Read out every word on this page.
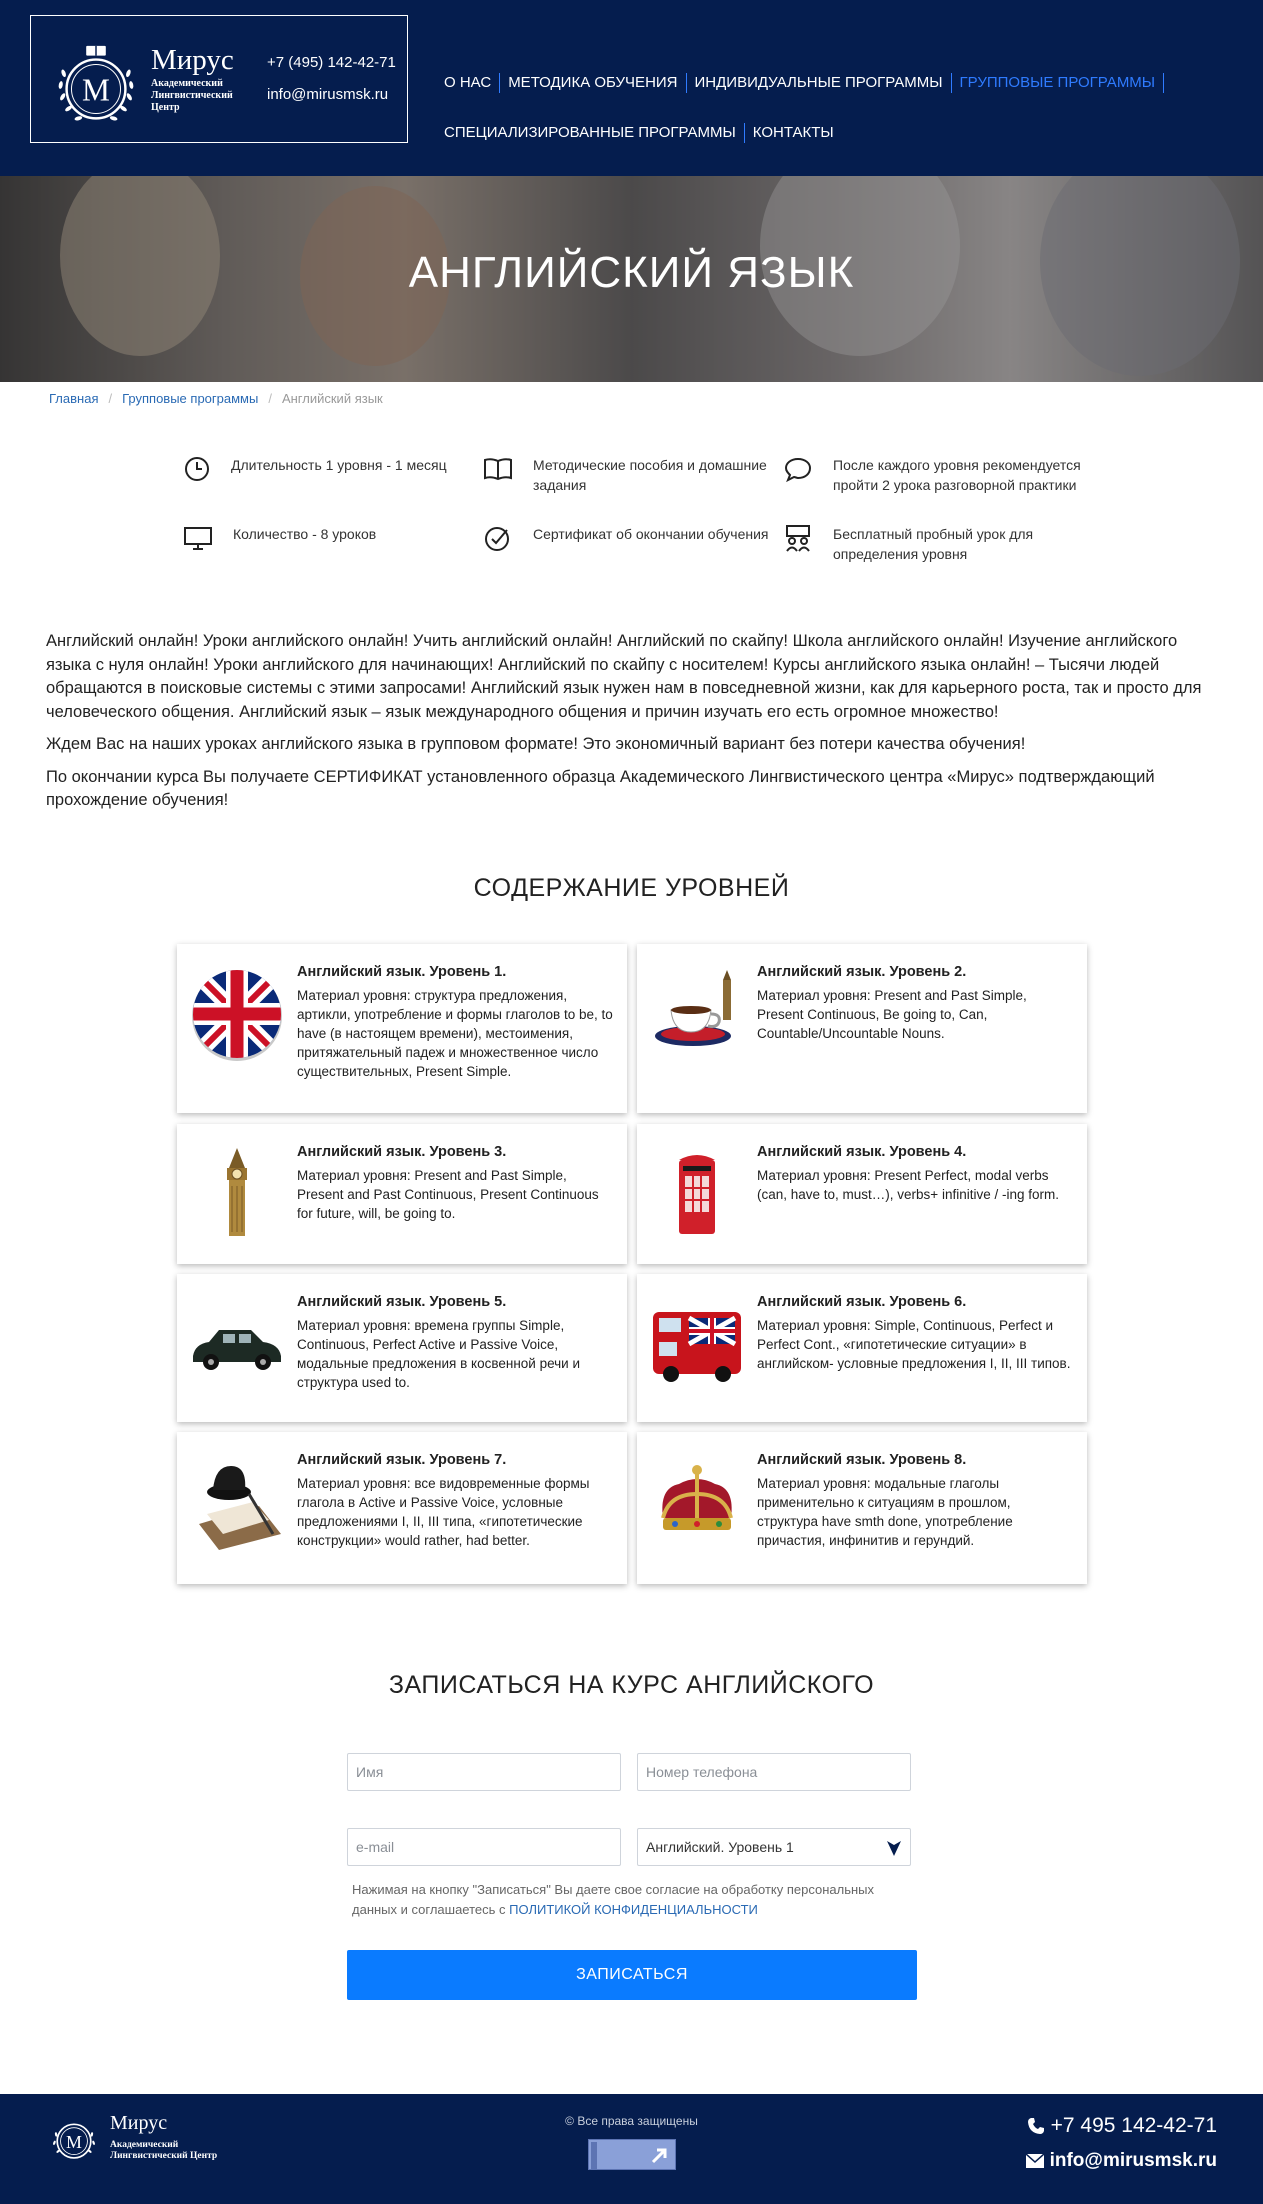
M
Мирус
Академический Лингвистический Центр
+7 (495) 142-42-71
info@mirusmsk.ru
О НАС	МЕТОДИКА ОБУЧЕНИЯ	ИНДИВИДУАЛЬНЫЕ ПРОГРАММЫ	ГРУППОВЫЕ ПРОГРАММЫ
СПЕЦИАЛИЗИРОВАННЫЕ ПРОГРАММЫ	КОНТАКТЫ
АНГЛИЙСКИЙ ЯЗЫК
Главная / Групповые программы / Английский язык
Длительность 1 уровня - 1 месяц	Методические пособия и домашние задания
После каждого уровня рекомендуется пройти 2 урока разговорной практики
Количество - 8 уроков	Сертификат об окончании обучения	Бесплатный пробный урок для определения уровня

Английский онлайн! Уроки английского онлайн! Учить английский онлайн! Английский по скайпу! Школа английского онлайн! Изучение английского языка с нуля онлайн! Уроки английского для начинающих! Английский по скайпу с носителем! Курсы английского языка онлайн! – Тысячи людей обращаются в поисковые системы с этими запросами! Английский язык нужен нам в повседневной жизни, как для карьерного роста, так и просто для человеческого общения. Английский язык – язык международного общения и причин изучать его есть огромное множество!

Ждем Вас на наших уроках английского языка в групповом формате! Это экономичный вариант без потери качества обучения!

По окончании курса Вы получаете СЕРТИФИКАТ установленного образца Академического Лингвистического центра «Мирус» подтверждающий прохождение обучения!

СОДЕРЖАНИЕ УРОВНЕЙ
Английский язык. Уровень 1.
Материал уровня: структура предложения, артикли, употребление и формы глаголов to be, to have (в настоящем времени), местоимения, притяжательный падеж и множественное число существительных, Present Simple.
Английский язык. Уровень 2.
Материал уровня: Present and Past Simple, Present Continuous, Be going to, Can, Countable/Uncountable Nouns.
Английский язык. Уровень 3.
Материал уровня: Present and Past Simple, Present and Past Continuous, Present Continuous for future, will, be going to.
Английский язык. Уровень 4.
Материал уровня: Present Perfect, modal verbs (can, have to, must…), verbs+ infinitive / -ing form.
Английский язык. Уровень 5.
Материал уровня: времена группы Simple, Continuous, Perfect Active и Passive Voice, модальные предложения в косвенной речи и структура used to.
Английский язык. Уровень 6.
Материал уровня: Simple, Continuous, Perfect и Perfect Cont., «гипотетические ситуации» в английском- условные предложения I, II, III типов.
Английский язык. Уровень 7.
Материал уровня: все видовременные формы глагола в Active и Passive Voice, условные предложениями I, II, III типа, «гипотетические конструкции» would rather, had better.
Английский язык. Уровень 8.
Материал уровня: модальные глаголы применительно к ситуациям в прошлом, структура have smth done, употребление причастия, инфинитив и герундий.
ЗАПИСАТЬСЯ НА КУРС АНГЛИЙСКОГО
Имя	Номер телефона
e-mail	Английский. Уровень 1
Нажимая на кнопку "Записаться" Вы даете свое согласие на обработку персональных данных и соглашаетесь с ПОЛИТИКОЙ КОНФИДЕНЦИАЛЬНОСТИ
ЗАПИСАТЬСЯ
M
Мирус
Академический Лингвистический Центр
© Все права защищены	+7 495 142-42-71
info@mirusmsk.ru
